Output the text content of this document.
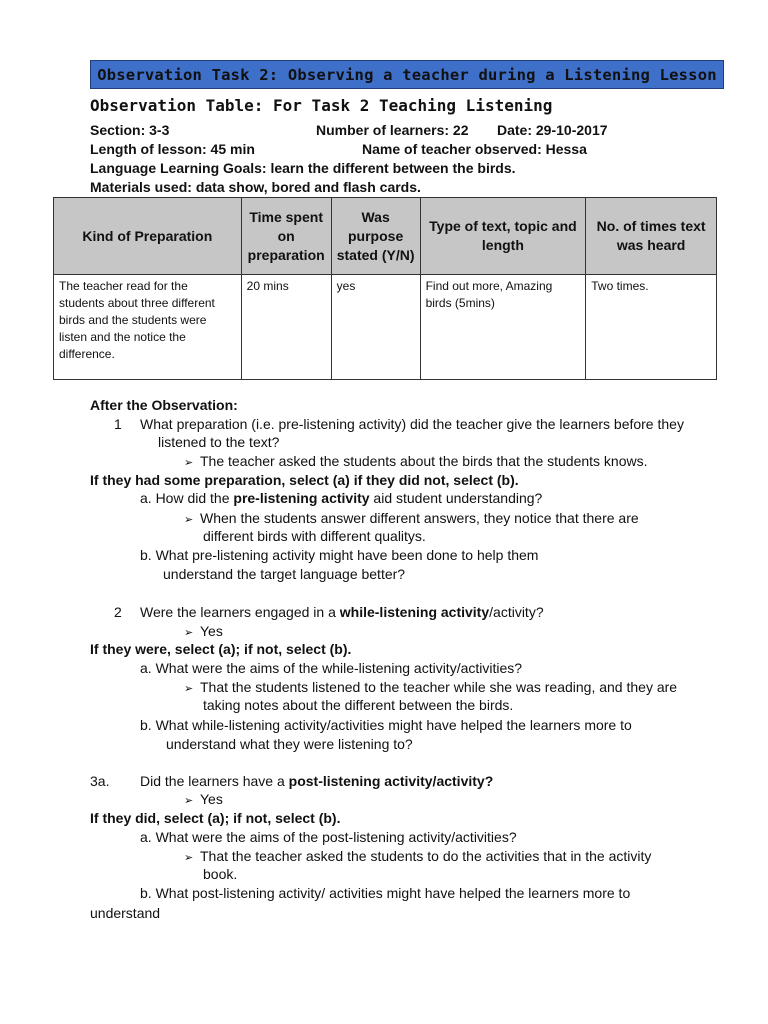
Observation Task 2: Observing a teacher during a Listening Lesson
Observation Table: For Task 2 Teaching Listening
Section: 3-3	Number of learners: 22 Date: 29-10-2017
Length of lesson: 45 min	Name of teacher observed: Hessa
Language Learning Goals: learn the different between the birds.
Materials used: data show, bored and flash cards.
Kind of Preparation	Time spent on preparation	Was purpose stated (Y/N)	Type of text, topic and length	No. of times text was heard
The teacher read for the students about three different birds and the students were listen and the notice the difference.	20 mins	yes	Find out more, Amazing birds (5mins)	Two times.
After the Observation:
1 What preparation (i.e. pre-listening activity) did the teacher give the learners before they
listened to the text?
➢ The teacher asked the students about the birds that the students knows.
If they had some preparation, select (a) if they did not, select (b).
a. How did the pre-listening activity aid student understanding?
➢ When the students answer different answers, they notice that there are
different birds with different qualitys.
b. What pre-listening activity might have been done to help them
understand the target language better?
2 Were the learners engaged in a while-listening activity/activity?
➢ Yes
If they were, select (a); if not, select (b).
a. What were the aims of the while-listening activity/activities?
➢ That the students listened to the teacher while she was reading, and they are
taking notes about the different between the birds.
b. What while-listening activity/activities might have helped the learners more to
understand what they were listening to?
3a. Did the learners have a post-listening activity/activity?
➢ Yes
If they did, select (a); if not, select (b).
a. What were the aims of the post-listening activity/activities?
➢ That the teacher asked the students to do the activities that in the activity
book.
b. What post-listening activity/ activities might have helped the learners more to
understand
